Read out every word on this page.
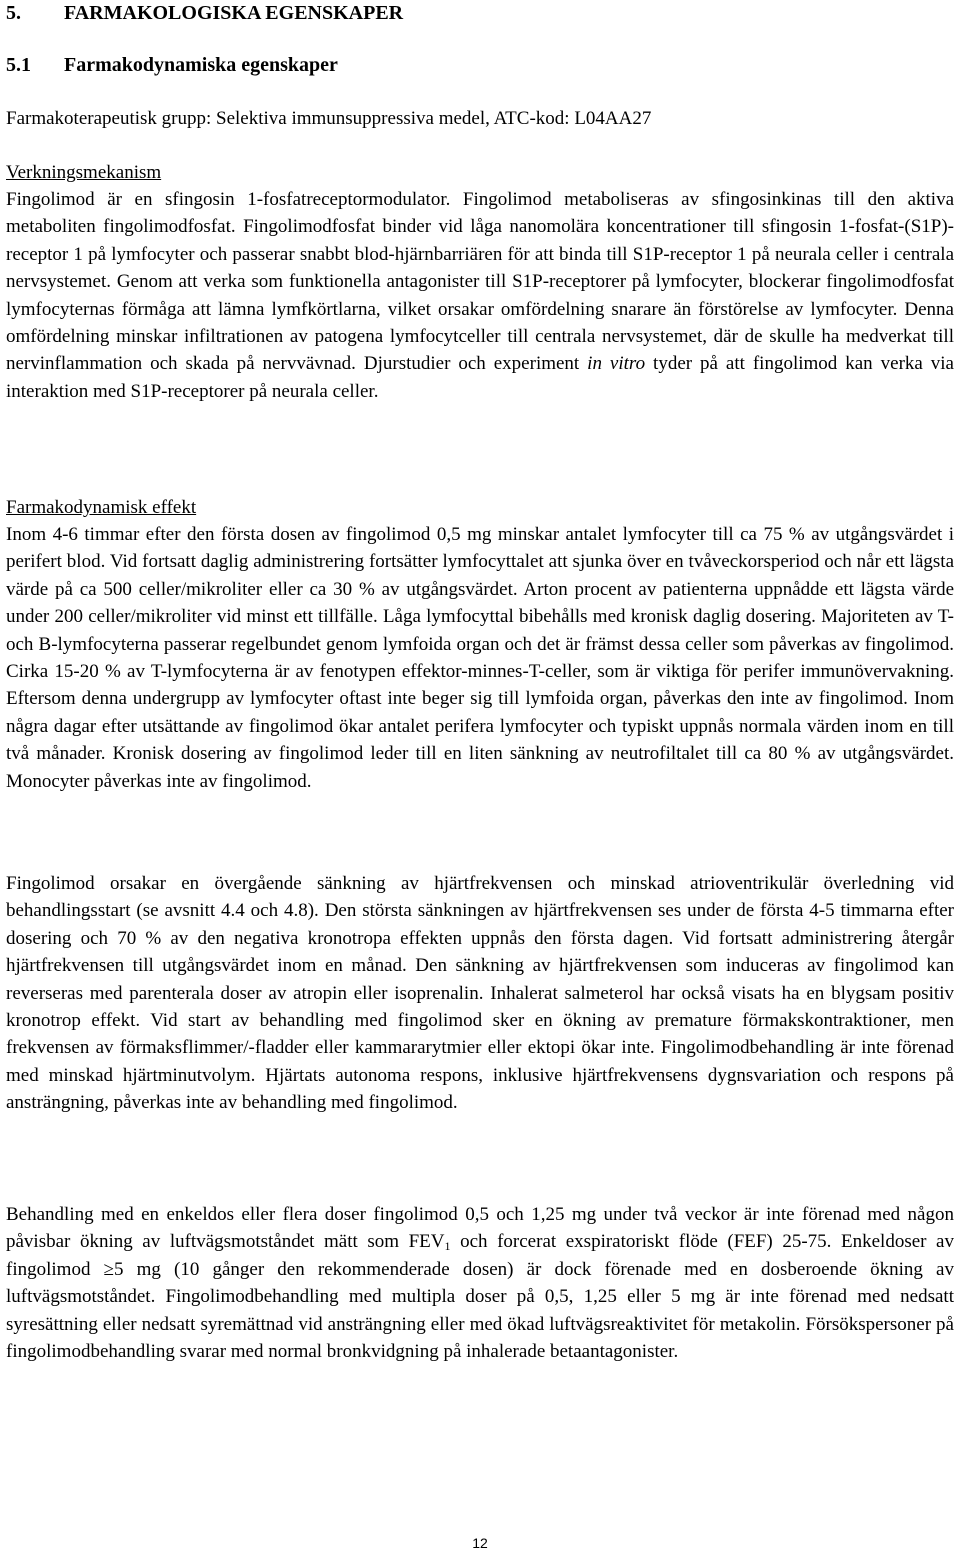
5. FARMAKOLOGISKA EGENSKAPER
5.1 Farmakodynamiska egenskaper

Farmakoterapeutisk grupp: Selektiva immunsuppressiva medel, ATC-kod: L04AA27

Verkningsmekanism

Fingolimod är en sfingosin 1-fosfatreceptormodulator. Fingolimod metaboliseras av sfingosinkinas till den aktiva metaboliten fingolimodfosfat. Fingolimodfosfat binder vid låga nanomolära koncentrationer till sfingosin 1-fosfat-(S1P)-receptor 1 på lymfocyter och passerar snabbt blod-hjärnbarriären för att binda till S1P-receptor 1 på neurala celler i centrala nervsystemet. Genom att verka som funktionella antagonister till S1P-receptorer på lymfocyter, blockerar fingolimodfosfat lymfocyternas förmåga att lämna lymfkörtlarna, vilket orsakar omfördelning snarare än förstörelse av lymfocyter. Denna omfördelning minskar infiltrationen av patogena lymfocytceller till centrala nervsystemet, där de skulle ha medverkat till nervinflammation och skada på nervvävnad. Djurstudier och experiment in vitro tyder på att fingolimod kan verka via interaktion med S1P-receptorer på neurala celler.

Farmakodynamisk effekt

Inom 4-6 timmar efter den första dosen av fingolimod 0,5 mg minskar antalet lymfocyter till ca 75 % av utgångsvärdet i perifert blod. Vid fortsatt daglig administrering fortsätter lymfocyttalet att sjunka över en tvåveckorsperiod och når ett lägsta värde på ca 500 celler/mikroliter eller ca 30 % av utgångsvärdet. Arton procent av patienterna uppnådde ett lägsta värde under 200 celler/mikroliter vid minst ett tillfälle. Låga lymfocyttal bibehålls med kronisk daglig dosering. Majoriteten av T- och B-lymfocyterna passerar regelbundet genom lymfoida organ och det är främst dessa celler som påverkas av fingolimod. Cirka 15-20 % av T-lymfocyterna är av fenotypen effektor-minnes-T-celler, som är viktiga för perifer immunövervakning. Eftersom denna undergrupp av lymfocyter oftast inte beger sig till lymfoida organ, påverkas den inte av fingolimod. Inom några dagar efter utsättande av fingolimod ökar antalet perifera lymfocyter och typiskt uppnås normala värden inom en till två månader. Kronisk dosering av fingolimod leder till en liten sänkning av neutrofiltalet till ca 80 % av utgångsvärdet. Monocyter påverkas inte av fingolimod.

Fingolimod orsakar en övergående sänkning av hjärtfrekvensen och minskad atrioventrikulär överledning vid behandlingsstart (se avsnitt 4.4 och 4.8). Den största sänkningen av hjärtfrekvensen ses under de första 4-5 timmarna efter dosering och 70 % av den negativa kronotropa effekten uppnås den första dagen. Vid fortsatt administrering återgår hjärtfrekvensen till utgångsvärdet inom en månad. Den sänkning av hjärtfrekvensen som induceras av fingolimod kan reverseras med parenterala doser av atropin eller isoprenalin. Inhalerat salmeterol har också visats ha en blygsam positiv kronotrop effekt. Vid start av behandling med fingolimod sker en ökning av premature förmakskontraktioner, men frekvensen av förmaksflimmer/-fladder eller kammararytmier eller ektopi ökar inte. Fingolimodbehandling är inte förenad med minskad hjärtminutvolym. Hjärtats autonoma respons, inklusive hjärtfrekvensens dygnsvariation och respons på ansträngning, påverkas inte av behandling med fingolimod.

Behandling med en enkeldos eller flera doser fingolimod 0,5 och 1,25 mg under två veckor är inte förenad med någon påvisbar ökning av luftvägsmotståndet mätt som $FEV_1$ och forcerat exspiratoriskt flöde (FEF) 25-75. Enkeldoser av fingolimod ≥5 mg (10 gånger den rekommenderade dosen) är dock förenade med en dosberoende ökning av luftvägsmotståndet. Fingolimodbehandling med multipla doser på 0,5, 1,25 eller 5 mg är inte förenad med nedsatt syresättning eller nedsatt syremättnad vid ansträngning eller med ökad luftvägsreaktivitet för metakolin. Försökspersoner på fingolimodbehandling svarar med normal bronkvidgning på inhalerade betaantagonister.

12
